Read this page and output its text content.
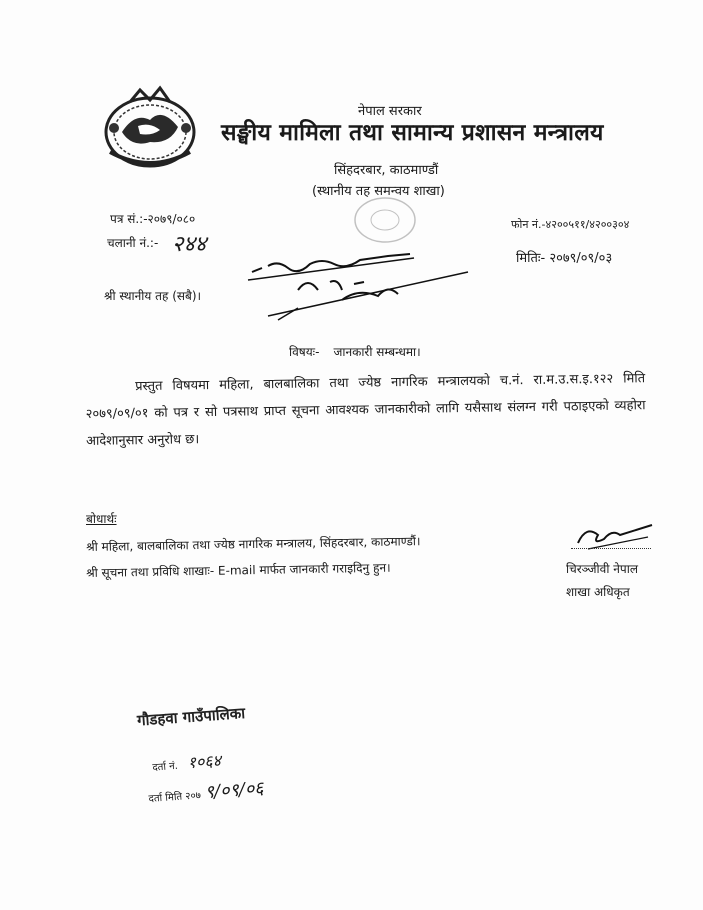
नेपाल सरकार
सङ्घीय मामिला तथा सामान्य प्रशासन मन्त्रालय
सिंहदरबार, काठमाण्डौं
(स्थानीय तह समन्वय शाखा)
पत्र सं.:-२०७९/०८०
चलानी नं.:- २४४
फोन नं.-४२००५११/४२००३०४
मितिः- २०७९/०९/०३
श्री स्थानीय तह (सबै)।
विषयः- जानकारी सम्बन्धमा।
प्रस्तुत विषयमा महिला, बालबालिका तथा ज्येष्ठ नागरिक मन्त्रालयको च.नं. रा.म.उ.स.इ.१२२ मिति २०७९/०९/०१ को पत्र र सो पत्रसाथ प्राप्त सूचना आवश्यक जानकारीको लागि यसैसाथ संलग्न गरी पठाइएको व्यहोरा आदेशानुसार अनुरोध छ।
बोधार्थः
श्री महिला, बालबालिका तथा ज्येष्ठ नागरिक मन्त्रालय, सिंहदरबार, काठमाण्डौं।
श्री सूचना तथा प्रविधि शाखाः- E-mail मार्फत जानकारी गराइदिनु हुन।	चिरञ्जीवी नेपाल
शाखा अधिकृत
गौडहवा गाउँपालिका
दर्ता नं. १०६४
दर्ता मिति २०७ ९/०९/०६
